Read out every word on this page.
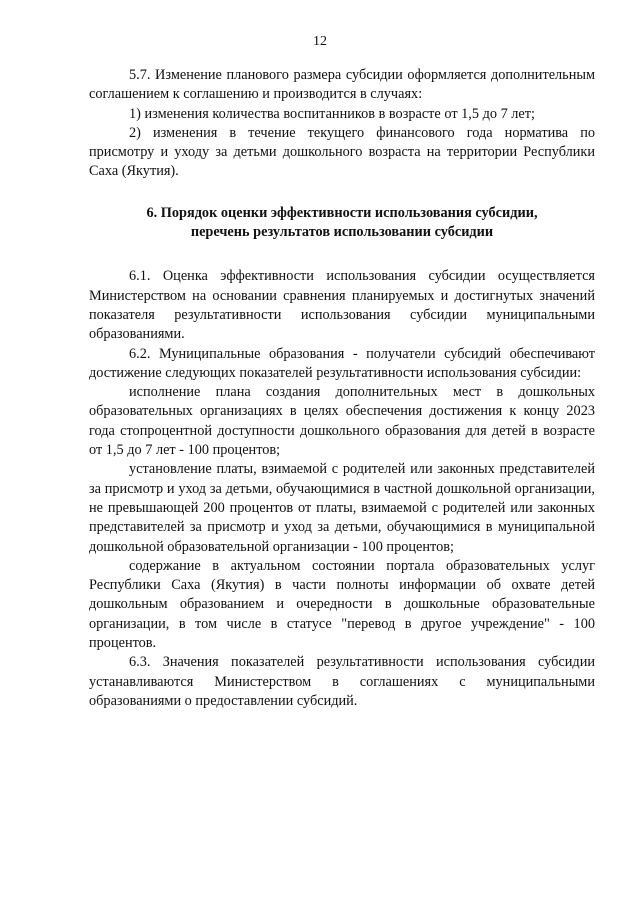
12

5.7. Изменение планового размера субсидии оформляется дополнительным соглашением к соглашению и производится в случаях:

1) изменения количества воспитанников в возрасте от 1,5 до 7 лет;

2) изменения в течение текущего финансового года норматива по присмотру и уходу за детьми дошкольного возраста на территории Республики Саха (Якутия).

6. Порядок оценки эффективности использования субсидии,

перечень результатов использовании субсидии

6.1. Оценка эффективности использования субсидии осуществляется Министерством на основании сравнения планируемых и достигнутых значений показателя результативности использования субсидии муниципальными образованиями.

6.2. Муниципальные образования - получатели субсидий обеспечивают достижение следующих показателей результативности использования субсидии:

исполнение плана создания дополнительных мест в дошкольных образовательных организациях в целях обеспечения достижения к концу 2023 года стопроцентной доступности дошкольного образования для детей в возрасте от 1,5 до 7 лет - 100 процентов;

установление платы, взимаемой с родителей или законных представителей за присмотр и уход за детьми, обучающимися в частной дошкольной организации, не превышающей 200 процентов от платы, взимаемой с родителей или законных представителей за присмотр и уход за детьми, обучающимися в муниципальной дошкольной образовательной организации - 100 процентов;

содержание в актуальном состоянии портала образовательных услуг Республики Саха (Якутия) в части полноты информации об охвате детей дошкольным образованием и очередности в дошкольные образовательные организации, в том числе в статусе "перевод в другое учреждение" - 100 процентов.

6.3. Значения показателей результативности использования субсидии устанавливаются Министерством в соглашениях с муниципальными образованиями о предоставлении субсидий.
